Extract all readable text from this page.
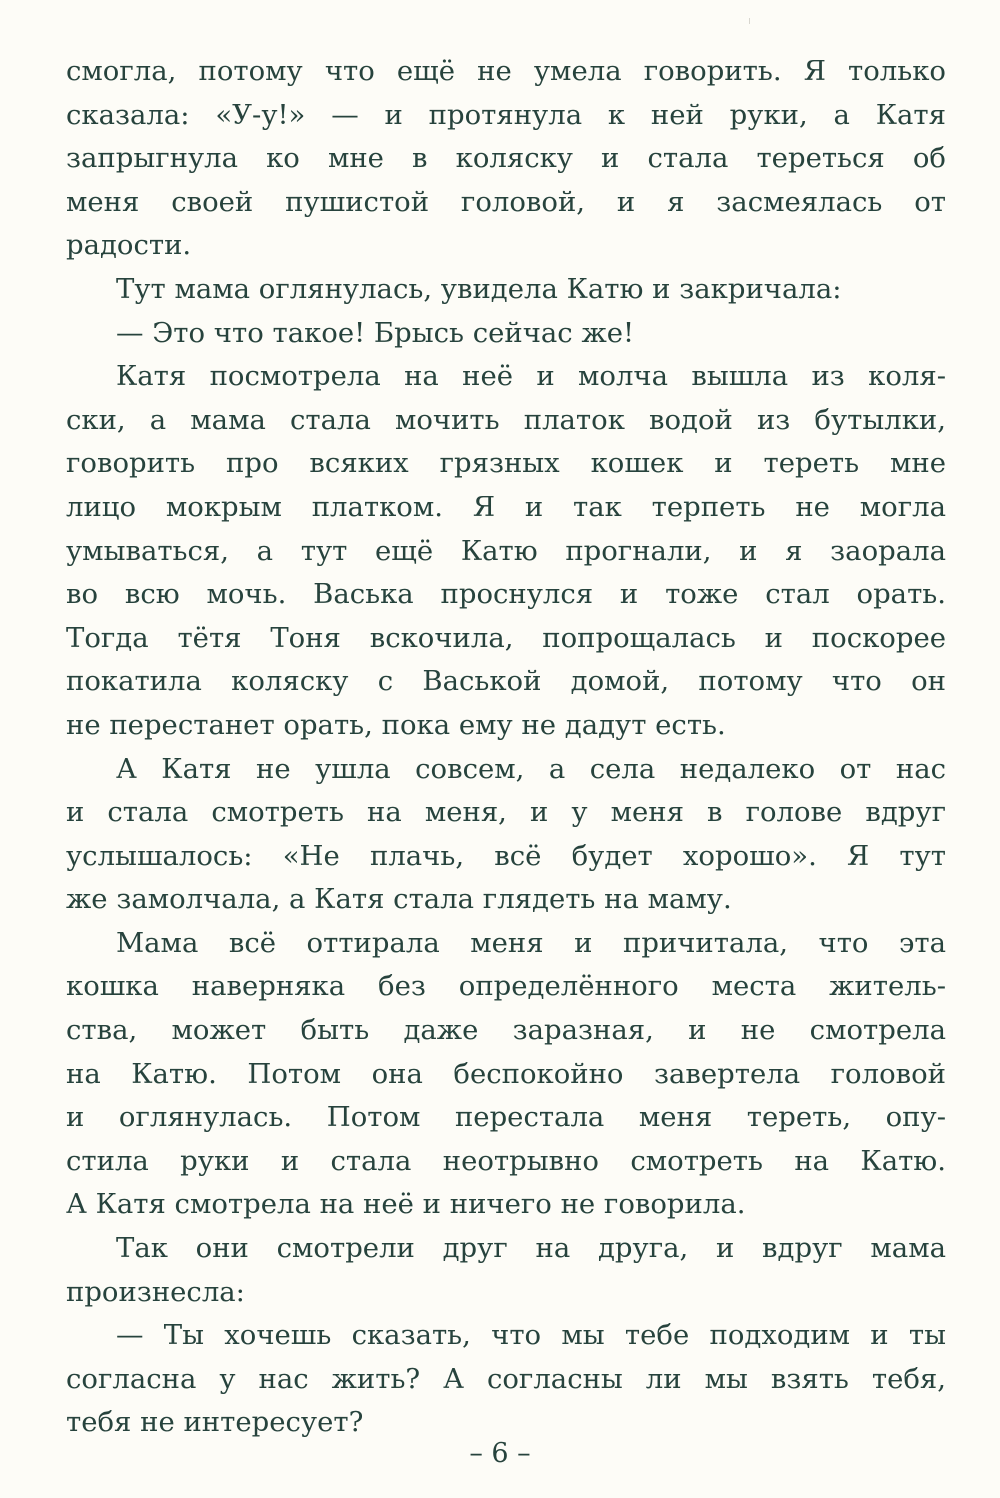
смогла, потому что ещё не умела говорить. Я только
сказала: «У-у!» — и протянула к ней руки, а Катя
запрыгнула ко мне в коляску и стала тереться об
меня своей пушистой головой, и я засмеялась от
радости.
Тут мама оглянулась, увидела Катю и закричала:
— Это что такое! Брысь сейчас же!
Катя посмотрела на неё и молча вышла из коля-
ски, а мама стала мочить платок водой из бутылки,
говорить про всяких грязных кошек и тереть мне
лицо мокрым платком. Я и так терпеть не могла
умываться, а тут ещё Катю прогнали, и я заорала
во всю мочь. Васька проснулся и тоже стал орать.
Тогда тётя Тоня вскочила, попрощалась и поскорее
покатила коляску с Васькой домой, потому что он
не перестанет орать, пока ему не дадут есть.
А Катя не ушла совсем, а села недалеко от нас
и стала смотреть на меня, и у меня в голове вдруг
услышалось: «Не плачь, всё будет хорошо». Я тут
же замолчала, а Катя стала глядеть на маму.
Мама всё оттирала меня и причитала, что эта
кошка наверняка без определённого места житель-
ства, может быть даже заразная, и не смотрела
на Катю. Потом она беспокойно завертела головой
и оглянулась. Потом перестала меня тереть, опу-
стила руки и стала неотрывно смотреть на Катю.
А Катя смотрела на неё и ничего не говорила.
Так они смотрели друг на друга, и вдруг мама
произнесла:
— Ты хочешь сказать, что мы тебе подходим и ты
согласна у нас жить? А согласны ли мы взять тебя,
тебя не интересует?
– 6 –
